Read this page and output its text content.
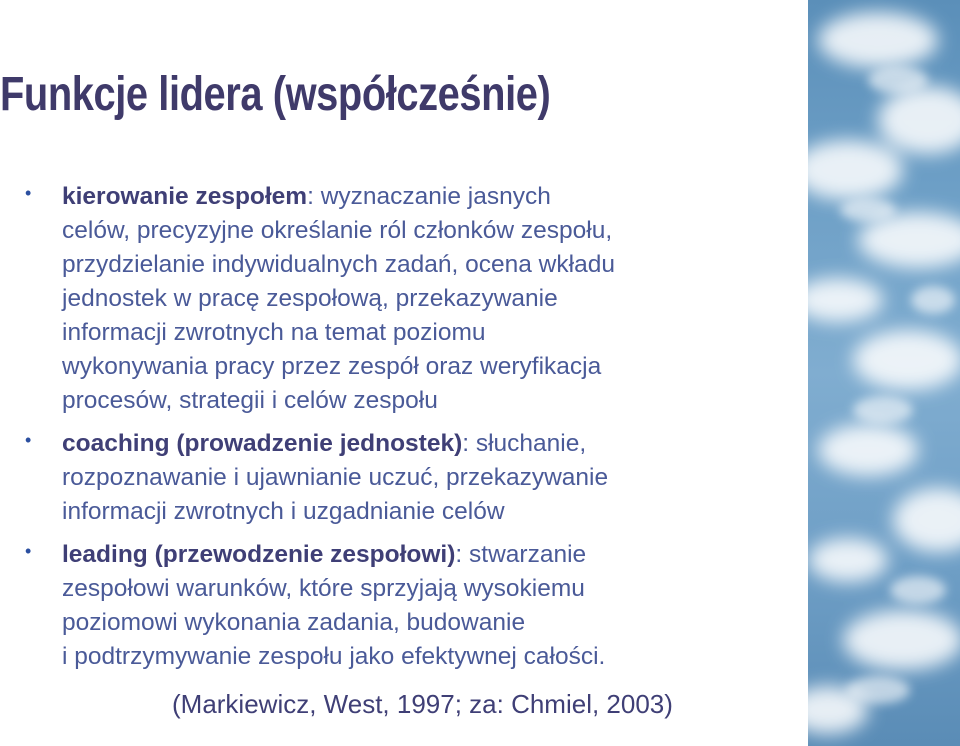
Funkcje lidera (współcześnie)
• kierowanie zespołem: wyznaczanie jasnych
celów, precyzyjne określanie ról członków zespołu,
przydzielanie indywidualnych zadań, ocena wkładu
jednostek w pracę zespołową, przekazywanie
informacji zwrotnych na temat poziomu
wykonywania pracy przez zespół oraz weryfikacja
procesów, strategii i celów zespołu
• coaching (prowadzenie jednostek): słuchanie,
rozpoznawanie i ujawnianie uczuć, przekazywanie
informacji zwrotnych i uzgadnianie celów
• leading (przewodzenie zespołowi): stwarzanie
zespołowi warunków, które sprzyjają wysokiemu
poziomowi wykonania zadania, budowanie
i podtrzymywanie zespołu jako efektywnej całości.
(Markiewicz, West, 1997; za: Chmiel, 2003)
